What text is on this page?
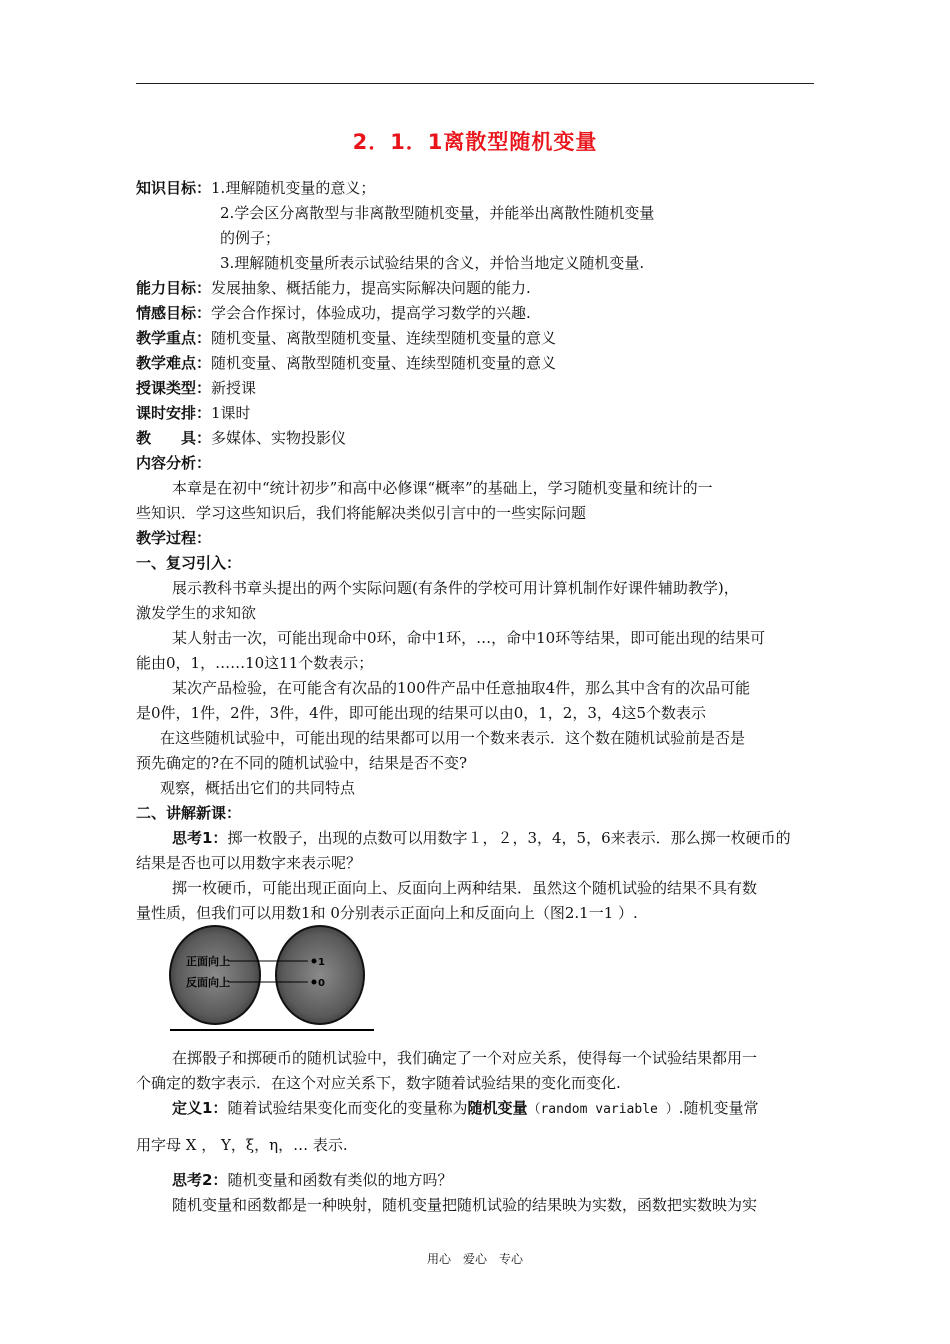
2．1．1离散型随机变量
知识目标：1.理解随机变量的意义；
2.学会区分离散型与非离散型随机变量，并能举出离散性随机变量
的例子；
3.理解随机变量所表示试验结果的含义，并恰当地定义随机变量.
能力目标：发展抽象、概括能力，提高实际解决问题的能力.
情感目标：学会合作探讨，体验成功，提高学习数学的兴趣.
教学重点：随机变量、离散型随机变量、连续型随机变量的意义
教学难点：随机变量、离散型随机变量、连续型随机变量的意义
授课类型：新授课
课时安排：1课时
教　　具：多媒体、实物投影仪
内容分析：
本章是在初中“统计初步”和高中必修课“概率”的基础上，学习随机变量和统计的一
些知识．学习这些知识后，我们将能解决类似引言中的一些实际问题
教学过程：
一、复习引入：
展示教科书章头提出的两个实际问题(有条件的学校可用计算机制作好课件辅助教学)，
激发学生的求知欲
某人射击一次，可能出现命中0环，命中1环，…，命中10环等结果，即可能出现的结果可
能由0，1，……10这11个数表示；
某次产品检验，在可能含有次品的100件产品中任意抽取4件，那么其中含有的次品可能
是0件，1件，2件，3件，4件，即可能出现的结果可以由0，1，2，3，4这5个数表示
在这些随机试验中，可能出现的结果都可以用一个数来表示．这个数在随机试验前是否是
预先确定的?在不同的随机试验中，结果是否不变?
观察，概括出它们的共同特点
二、讲解新课：
思考1：掷一枚骰子，出现的点数可以用数字１，２，3，4，5，6来表示．那么掷一枚硬币的
结果是否也可以用数字来表示呢？
掷一枚硬币，可能出现正面向上、反面向上两种结果．虽然这个随机试验的结果不具有数
量性质，但我们可以用数1和 0分别表示正面向上和反面向上（图2.1一1 ）.
正面向上
反面向上
1
0
在掷骰子和掷硬币的随机试验中，我们确定了一个对应关系，使得每一个试验结果都用一
个确定的数字表示．在这个对应关系下，数字随着试验结果的变化而变化.
定义1：随着试验结果变化而变化的变量称为随机变量（random variable ）.随机变量常
用字母 X ， Y，ξ，η，… 表示.
思考2：随机变量和函数有类似的地方吗？
随机变量和函数都是一种映射，随机变量把随机试验的结果映为实数，函数把实数映为实
用心　爱心　专心
